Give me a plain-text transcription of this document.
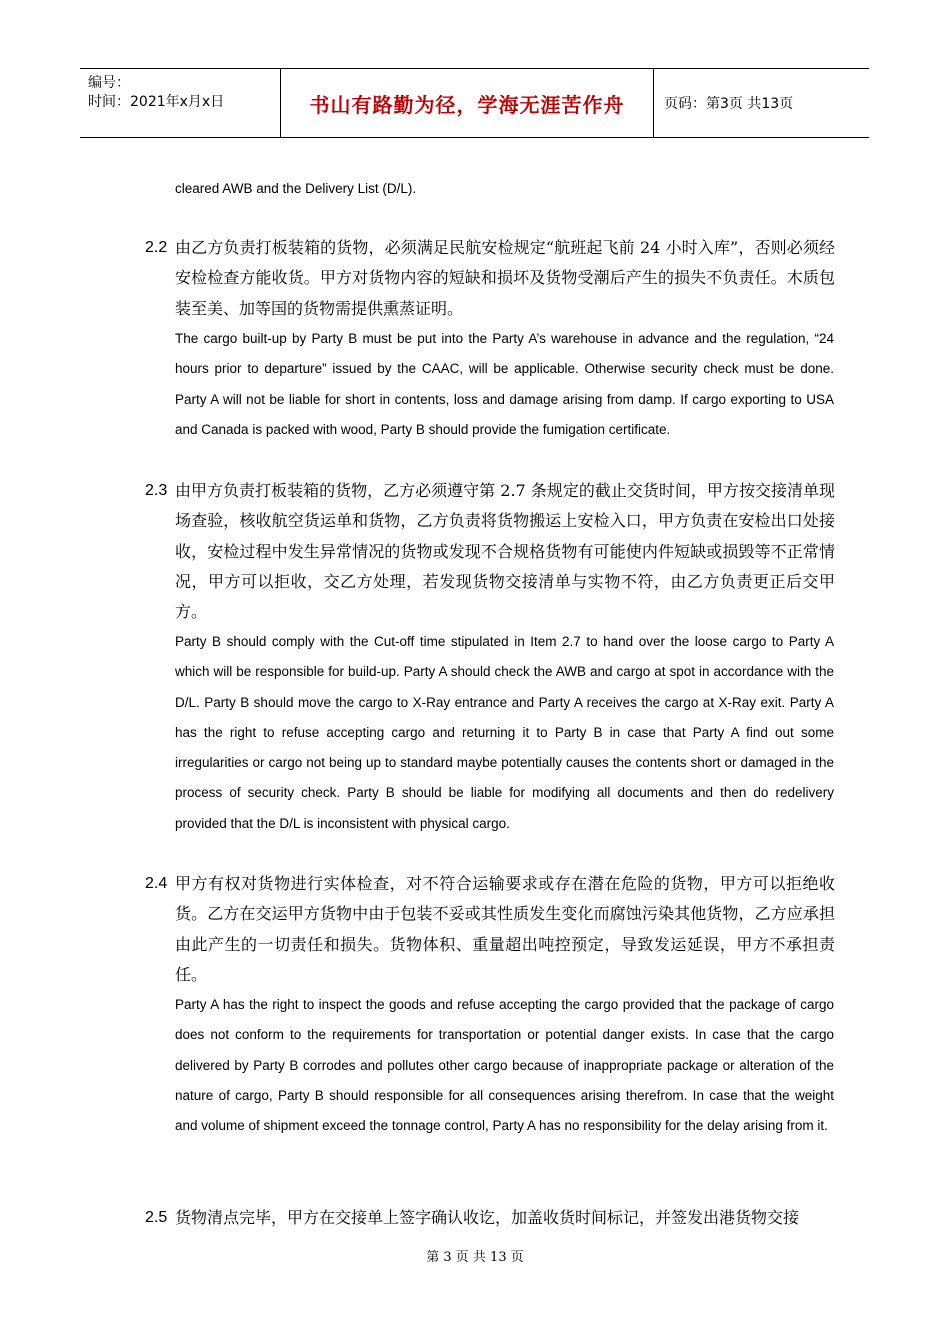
编号：
时间：2021年x月x日	书山有路勤为径，学海无涯苦作舟	页码：第3页 共13页
cleared AWB and the Delivery List (D/L).
2.2 由乙方负责打板装箱的货物，必须满足民航安检规定“航班起飞前 24 小时入库”，否则必须经安检检查方能收货。甲方对货物内容的短缺和损坏及货物受潮后产生的损失不负责任。木质包装至美、加等国的货物需提供熏蒸证明。
The cargo built-up by Party B must be put into the Party A’s warehouse in advance and the regulation, “24 hours prior to departure” issued by the CAAC, will be applicable. Otherwise security check must be done. Party A will not be liable for short in contents, loss and damage arising from damp. If cargo exporting to USA and Canada is packed with wood, Party B should provide the fumigation certificate.
2.3 由甲方负责打板装箱的货物，乙方必须遵守第 2.7 条规定的截止交货时间，甲方按交接清单现场查验，核收航空货运单和货物，乙方负责将货物搬运上安检入口，甲方负责在安检出口处接收，安检过程中发生异常情况的货物或发现不合规格货物有可能使内件短缺或损毁等不正常情况，甲方可以拒收，交乙方处理，若发现货物交接清单与实物不符，由乙方负责更正后交甲方。
Party B should comply with the Cut-off time stipulated in Item 2.7 to hand over the loose cargo to Party A which will be responsible for build-up. Party A should check the AWB and cargo at spot in accordance with the D/L. Party B should move the cargo to X-Ray entrance and Party A receives the cargo at X-Ray exit. Party A has the right to refuse accepting cargo and returning it to Party B in case that Party A find out some irregularities or cargo not being up to standard maybe potentially causes the contents short or damaged in the process of security check. Party B should be liable for modifying all documents and then do redelivery provided that the D/L is inconsistent with physical cargo.
2.4 甲方有权对货物进行实体检查，对不符合运输要求或存在潜在危险的货物，甲方可以拒绝收货。乙方在交运甲方货物中由于包装不妥或其性质发生变化而腐蚀污染其他货物，乙方应承担由此产生的一切责任和损失。货物体积、重量超出吨控预定，导致发运延误，甲方不承担责任。
Party A has the right to inspect the goods and refuse accepting the cargo provided that the package of cargo does not conform to the requirements for transportation or potential danger exists. In case that the cargo delivered by Party B corrodes and pollutes other cargo because of inappropriate package or alteration of the nature of cargo, Party B should responsible for all consequences arising therefrom. In case that the weight and volume of shipment exceed the tonnage control, Party A has no responsibility for the delay arising from it.
2.5 货物清点完毕，甲方在交接单上签字确认收讫，加盖收货时间标记，并签发出港货物交接
第 3 页 共 13 页
